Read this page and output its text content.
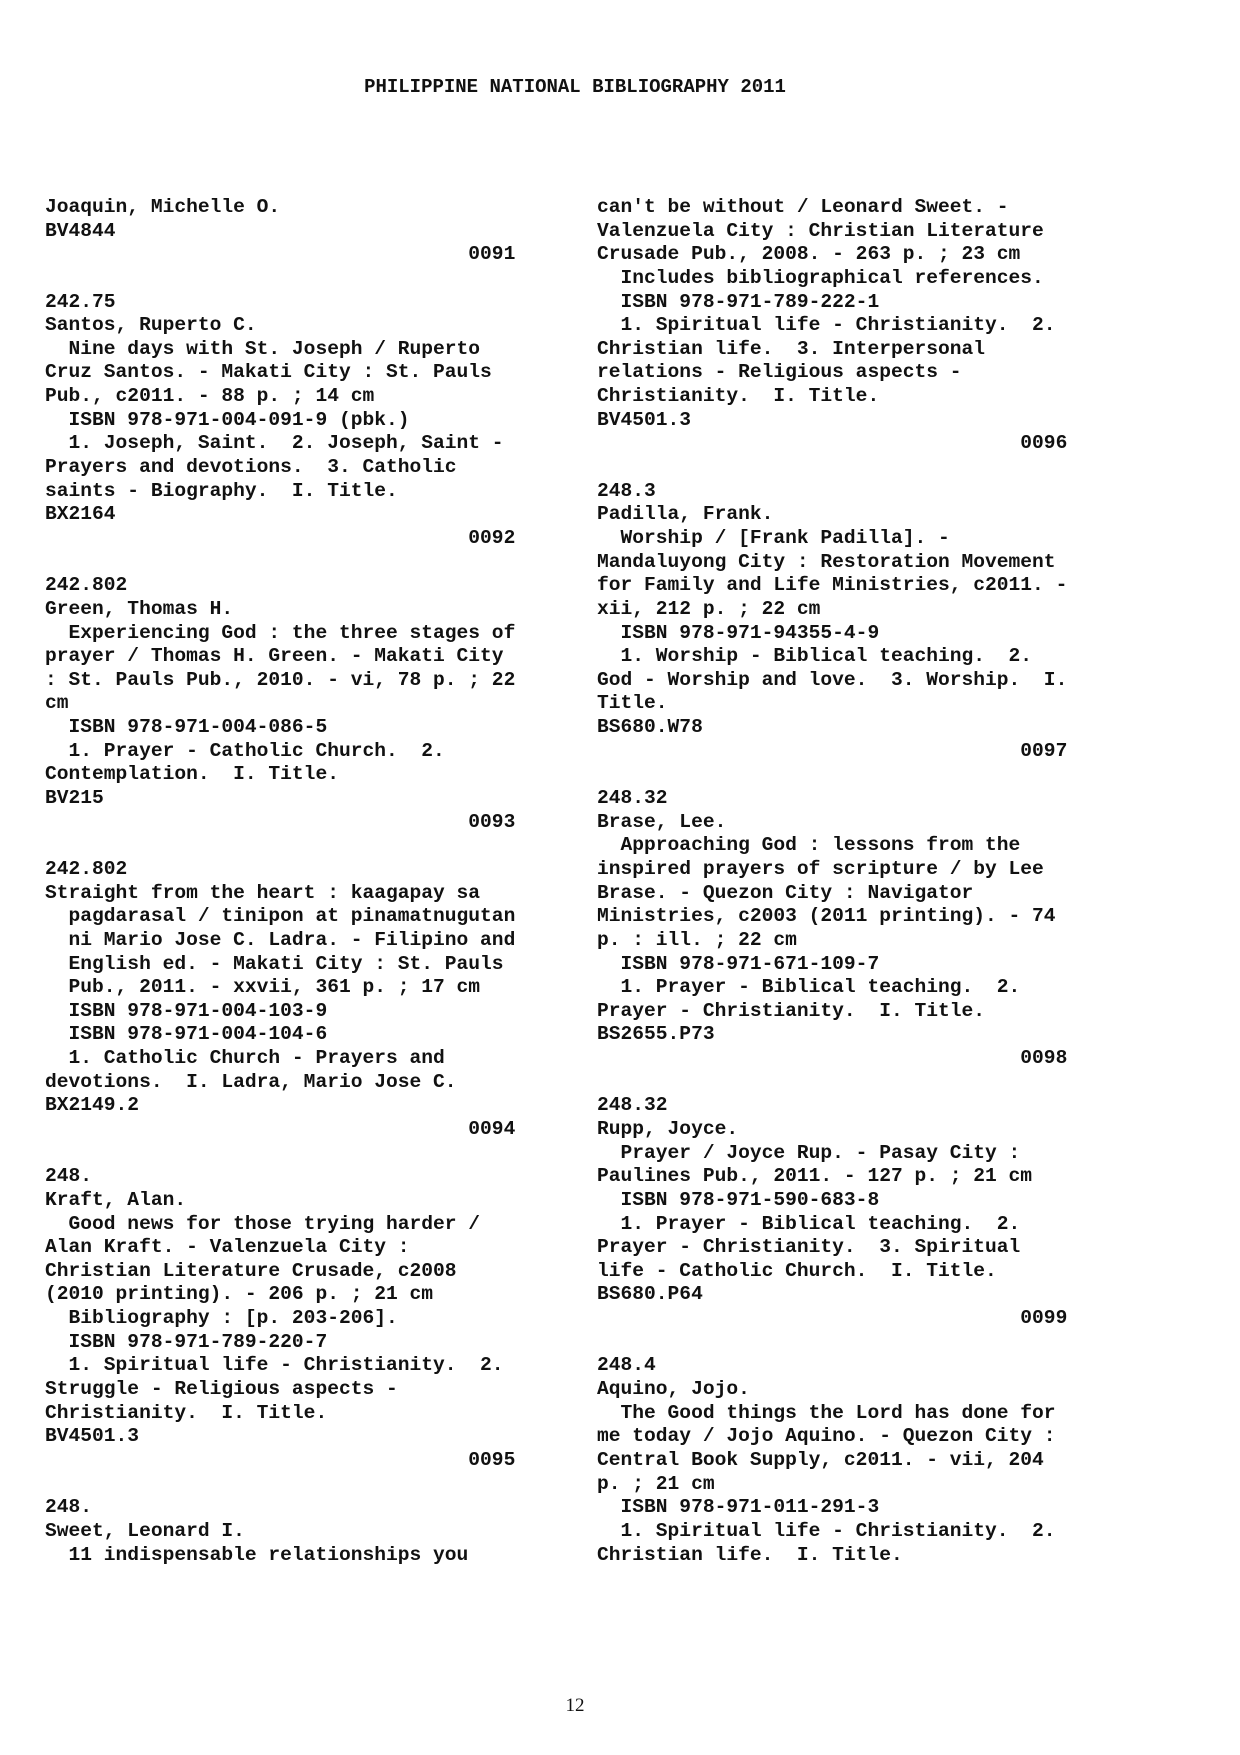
PHILIPPINE NATIONAL BIBLIOGRAPHY 2011
Joaquin, Michelle O.
BV4844
0091
242.75
Santos, Ruperto C.
Nine days with St. Joseph / Ruperto
Cruz Santos. - Makati City : St. Pauls
Pub., c2011. - 88 p. ; 14 cm
ISBN 978-971-004-091-9 (pbk.)
1. Joseph, Saint.  2. Joseph, Saint -
Prayers and devotions.  3. Catholic
saints - Biography.  I. Title.
BX2164
0092
242.802
Green, Thomas H.
Experiencing God : the three stages of
prayer / Thomas H. Green. - Makati City
: St. Pauls Pub., 2010. - vi, 78 p. ; 22
cm
ISBN 978-971-004-086-5
1. Prayer - Catholic Church.  2.
Contemplation.  I. Title.
BV215
0093
242.802
Straight from the heart : kaagapay sa
pagdarasal / tinipon at pinamatnugutan
ni Mario Jose C. Ladra. - Filipino and
English ed. - Makati City : St. Pauls
Pub., 2011. - xxvii, 361 p. ; 17 cm
ISBN 978-971-004-103-9
ISBN 978-971-004-104-6
1. Catholic Church - Prayers and
devotions.  I. Ladra, Mario Jose C.
BX2149.2
0094
248.
Kraft, Alan.
Good news for those trying harder /
Alan Kraft. - Valenzuela City :
Christian Literature Crusade, c2008
(2010 printing). - 206 p. ; 21 cm
Bibliography : [p. 203-206].
ISBN 978-971-789-220-7
1. Spiritual life - Christianity.  2.
Struggle - Religious aspects -
Christianity.  I. Title.
BV4501.3
0095
248.
Sweet, Leonard I.
11 indispensable relationships you
can't be without / Leonard Sweet. -
Valenzuela City : Christian Literature
Crusade Pub., 2008. - 263 p. ; 23 cm
Includes bibliographical references.
ISBN 978-971-789-222-1
1. Spiritual life - Christianity.  2.
Christian life.  3. Interpersonal
relations - Religious aspects -
Christianity.  I. Title.
BV4501.3
0096
248.3
Padilla, Frank.
Worship / [Frank Padilla]. -
Mandaluyong City : Restoration Movement
for Family and Life Ministries, c2011. -
xii, 212 p. ; 22 cm
ISBN 978-971-94355-4-9
1. Worship - Biblical teaching.  2.
God - Worship and love.  3. Worship.  I.
Title.
BS680.W78
0097
248.32
Brase, Lee.
Approaching God : lessons from the
inspired prayers of scripture / by Lee
Brase. - Quezon City : Navigator
Ministries, c2003 (2011 printing). - 74
p. : ill. ; 22 cm
ISBN 978-971-671-109-7
1. Prayer - Biblical teaching.  2.
Prayer - Christianity.  I. Title.
BS2655.P73
0098
248.32
Rupp, Joyce.
Prayer / Joyce Rup. - Pasay City :
Paulines Pub., 2011. - 127 p. ; 21 cm
ISBN 978-971-590-683-8
1. Prayer - Biblical teaching.  2.
Prayer - Christianity.  3. Spiritual
life - Catholic Church.  I. Title.
BS680.P64
0099
248.4
Aquino, Jojo.
The Good things the Lord has done for
me today / Jojo Aquino. - Quezon City :
Central Book Supply, c2011. - vii, 204
p. ; 21 cm
ISBN 978-971-011-291-3
1. Spiritual life - Christianity.  2.
Christian life.  I. Title.
12
